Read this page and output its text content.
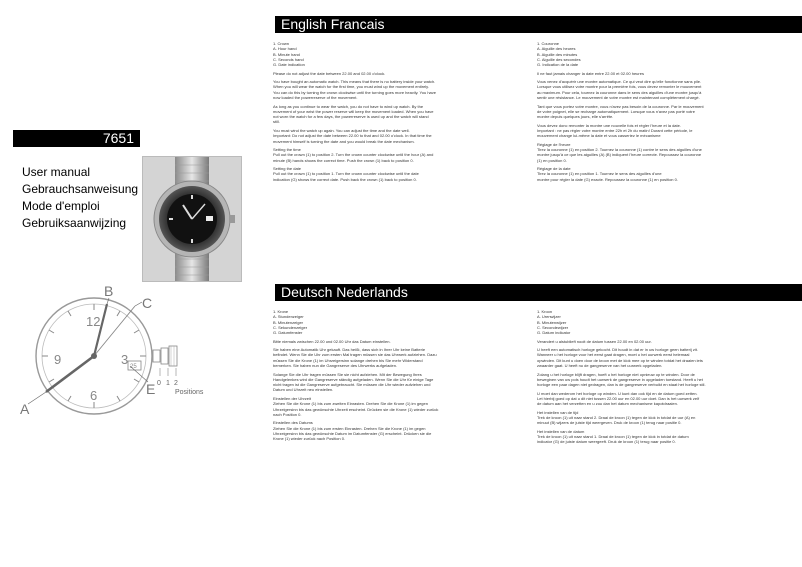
7651
User manual
Gebrauchsanweisung
Mode d'emploi
Gebruiksaanwijzing
12
3
6
9	25
B
C
A
E 0 1 2
Positions
English Francais

1. Crown
A. Hour hand
B. Minute hand
C. Seconds hand
G. Date indication

Please do not adjust the date between 22.00 and 02.00 o'clock.

You have bought an automatic watch. This means that there is no battery inside your watch.
When you will wear the watch for the first time, you must wind up the movement entirely.
You can do this by turning the crown clockwise until the turning goes more heavily. You have
now loaded the powerreserve of the movement.

As long as you continue to wear the watch, you do not have to wind up watch. By the
movement of your wrist the power reserve will keep the movement loaded. When you have
not worn the watch for a few days, the powerreserve is used up and the watch will stand
still.

You must wind the watch up again. You can adjust the time and the date well.
Important: Do not adjust the date between 22.00 to that and 02.00 o'clock. In that time the
movement himself is turning the date and you would break the date mechanism.

Setting the time
Pull out the crown (1) to position 2. Turn the crown counter clockwise until the hour (A) and
minute (B) hands shows the correct time. Push the crown (1) back to position 0.

Setting the date
Pull out the crown (1) to position 1. Turn the crown counter clockwise until the date
indication (G) shows the correct date. Push back the crown (1) back to position 0.

1. Couronne
A. Aiguille des heures
B. Aiguille des minutes
C. Aiguille des secondes
G. Indication de la date

Il ne faut jamais changer la date entre 22.00 et 02.00 heures

Vous venez d'acquérir une montre automatique. Ce qui veut dire qu'elle fonctionne sans pile.
Lorsque vous utilisez votre montre pour la première fois, vous devez remonter le mouvement
au maximum. Pour cela, tournez la couronne dans le sens des aiguilles d'une montre jusqu'à
sentir une résistance. Le mouvement de votre montre est maintenant complètement chargé.

Tant que vous portez votre montre, vous n'avez pas besoin de la couronne. Par le mouvement
de votre poignet, elle se recharge automatiquement. Lorsque vous n'avez pas porté votre
montre depuis quelques jours, elle s'arrête.

Vous devez donc remonter la montre une nouvelle fois et régler l'heure et la date.
Important : ne pas régler votre montre entre 22h et 2h du matin! Durant cette période, le
mouvement change lui-même la date et vous casseriez le mécanisme

Réglage de l'heure
Tirez la couronne (1) en position 2. Tournez la couronne (1) contre le sens des aiguilles d'une
montre jusqu'à ce que les aiguilles (A) (B) indiquent l'heure correcte. Repoussez la couronne
(1) en position 0.

Réglage de la date
Tirez la couronne (1) en position 1. Tournez le sens des aiguilles d'une
montre pour régler la date (G) exacte. Repoussez la couronne (1) en position 0.

Deutsch Nederlands

1. Krone
A. Stundenzeiger
B. Minutenzeiger
C. Sekundenzeiger
G. Datumfenster

Bitte niemals zwischen 22.00 und 02.00 Uhr das Datum einstellen.

Sie haben eine Automatik Uhr gekauft. Das heißt, dass sich in Ihrer Uhr keine Batterie
befindet. Wenn Sie die Uhr zum ersten Mal tragen müssen sie das Uhrwerk aufziehen. Dazu
müssen Sie die Krone (1) im Uhrzeigersinn solange drehen bis Sie mehr Widerstand
bemerken. Sie haben nun die Gangreserve des Uhrwerks aufgeladen.

Solange Sie die Uhr tragen müssen Sie sie nicht aufziehen. Mit der Bewegung Ihres
Handgelenkes wird die Gangreserve ständig aufgeladen. Wenn Sie die Uhr für einige Tage
nicht tragen ist die Gangreserve aufgebraucht. Sie müssen die Uhr wieder aufziehen und
Datum und Uhrzeit neu einstellen.

Einstellen der Uhrzeit
Ziehen Sie die Krone (1) bis zum zweiten Einrasten. Drehen Sie die Krone (1) im gegen
Uhrzeigersinn bis das gewünschte Uhrzeit erscheint. Drücken sie die Krone (1) wieder zurück
nach Position 0.

Einstellen des Datums
Ziehen Sie die Krone (1) bis zum ersten Einrasten. Drehen Sie die Krone (1) im gegen
Uhrzeigersinn bis das gewünschte Datum im Datumfenster (G) erscheint. Drücken sie die
Krone (1) wieder zurück nach Position 0.

1. Kroon
A. Urenwijzer
B. Minutenwijzer
C. Secondewijzer
G. Datum indicator

Verandert u alstublieft nooit de datum tussen 22.00 en 02.00 uur.

U heeft een automatisch horloge gekocht. Dit houdt in dat er in uw horloge geen batterij zit.
Wanneer u het horloge voor het eerst gaat dragen, moet u het uurwerk eerst helemaal
opwinden. Dit kunt u doen door de kroon met de klok mee op te winden totdat het draaien iets
zwaarder gaat. U heeft nu de gangreserve van het uurwerk opgeladen.

Zolang u het horloge blijft dragen, hoeft u het horloge niet opnieuw op te winden. Door de
beweginen van uw pols houdt het uurwerk de gangreserve in opgeladen toestand. Heeft u het
horloge een paar dagen niet gedragen, dan is de gangreserve verbuikt en staat het horloge stil.

U moet dan wederom het horloge op winden. U kunt dan ook tijd en de datum goed zetten.
Let hierbij goed op dat u dit niet tussen 22.00 uur en 02.00 uur doet. Dan is het uurwerk zelf
de datum aan het verzetten en u zou dan het datum mechanisme kapotdraaien.

Het instellen van de tijd
Trek de kroon (1) uit naar stand 2. Draai de kroon (1) tegen de klok in totdat de uur (A) en
minuut (B) wijzers de juiste tijd weergeven. Druk de kroon (1) terug naar positie 0.

Het instellen van de datum
Trek de kroon (1) uit naar stand 1. Draai de kroon (1) tegen de klok in totdat de datum
indicator (G) de juiste datum weergeeft. Druk de kroon (1) terug naar positie 0.
